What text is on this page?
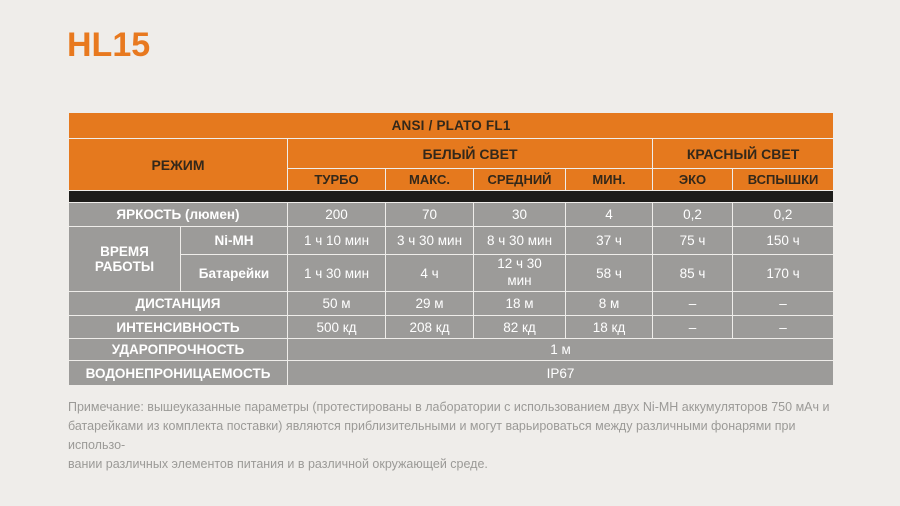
HL15
ANSI / PLATO FL1							
РЕЖИМ		БЕЛЫЙ СВЕТ				КРАСНЫЙ СВЕТ	
		ТУРБО	МАКС.	СРЕДНИЙ	МИН.	ЭКО	ВСПЫШКИ

ЯРКОСТЬ (люмен)		200	70	30	4	0,2	0,2
ВРЕМЯ РАБОТЫ	Ni-MH	1 ч 10 мин	3 ч 30 мин	8 ч 30 мин	37 ч	75 ч	150 ч
	Батарейки	1 ч 30 мин	4 ч	12 ч 30 мин	58 ч	85 ч	170 ч
ДИСТАНЦИЯ		50 м	29 м	18 м	8 м	–	–
ИНТЕНСИВНОСТЬ		500 кд	208 кд	82 кд	18 кд	–	–
УДАРОПРОЧНОСТЬ		1 м					
ВОДОНЕПРОНИЦАЕМОСТЬ		IP67					
Примечание: вышеуказанные параметры (протестированы в лаборатории с использованием двух Ni-MH аккумуляторов 750 мАч и
батарейками из комплекта поставки) являются приблизительными и могут варьироваться между различными фонарями при использо-
вании различных элементов питания и в различной окружающей среде.
